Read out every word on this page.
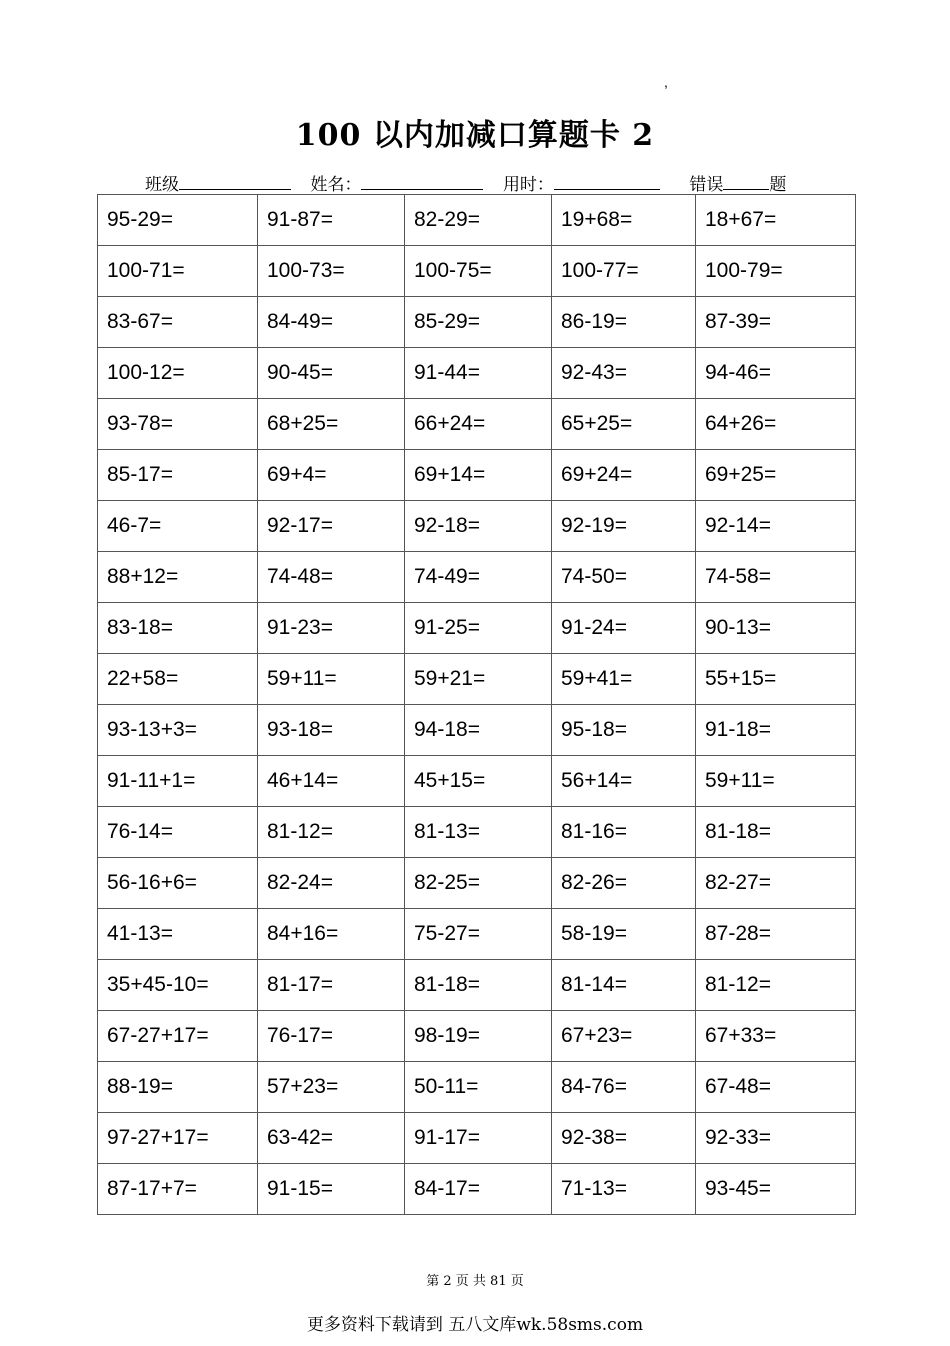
,
100 以内加减口算题卡 2
班级	姓名：	用时：	错误	题
95-29=	91-87=	82-29=	19+68=	18+67=
100-71=	100-73=	100-75=	100-77=	100-79=
83-67=	84-49=	85-29=	86-19=	87-39=
100-12=	90-45=	91-44=	92-43=	94-46=
93-78=	68+25=	66+24=	65+25=	64+26=
85-17=	69+4=	69+14=	69+24=	69+25=
46-7=	92-17=	92-18=	92-19=	92-14=
88+12=	74-48=	74-49=	74-50=	74-58=
83-18=	91-23=	91-25=	91-24=	90-13=
22+58=	59+11=	59+21=	59+41=	55+15=
93-13+3=	93-18=	94-18=	95-18=	91-18=
91-11+1=	46+14=	45+15=	56+14=	59+11=
76-14=	81-12=	81-13=	81-16=	81-18=
56-16+6=	82-24=	82-25=	82-26=	82-27=
41-13=	84+16=	75-27=	58-19=	87-28=
35+45-10=	81-17=	81-18=	81-14=	81-12=
67-27+17=	76-17=	98-19=	67+23=	67+33=
88-19=	57+23=	50-11=	84-76=	67-48=
97-27+17=	63-42=	91-17=	92-38=	92-33=
87-17+7=	91-15=	84-17=	71-13=	93-45=
第 2 页 共 81 页
更多资料下载请到 五八文库wk.58sms.com
